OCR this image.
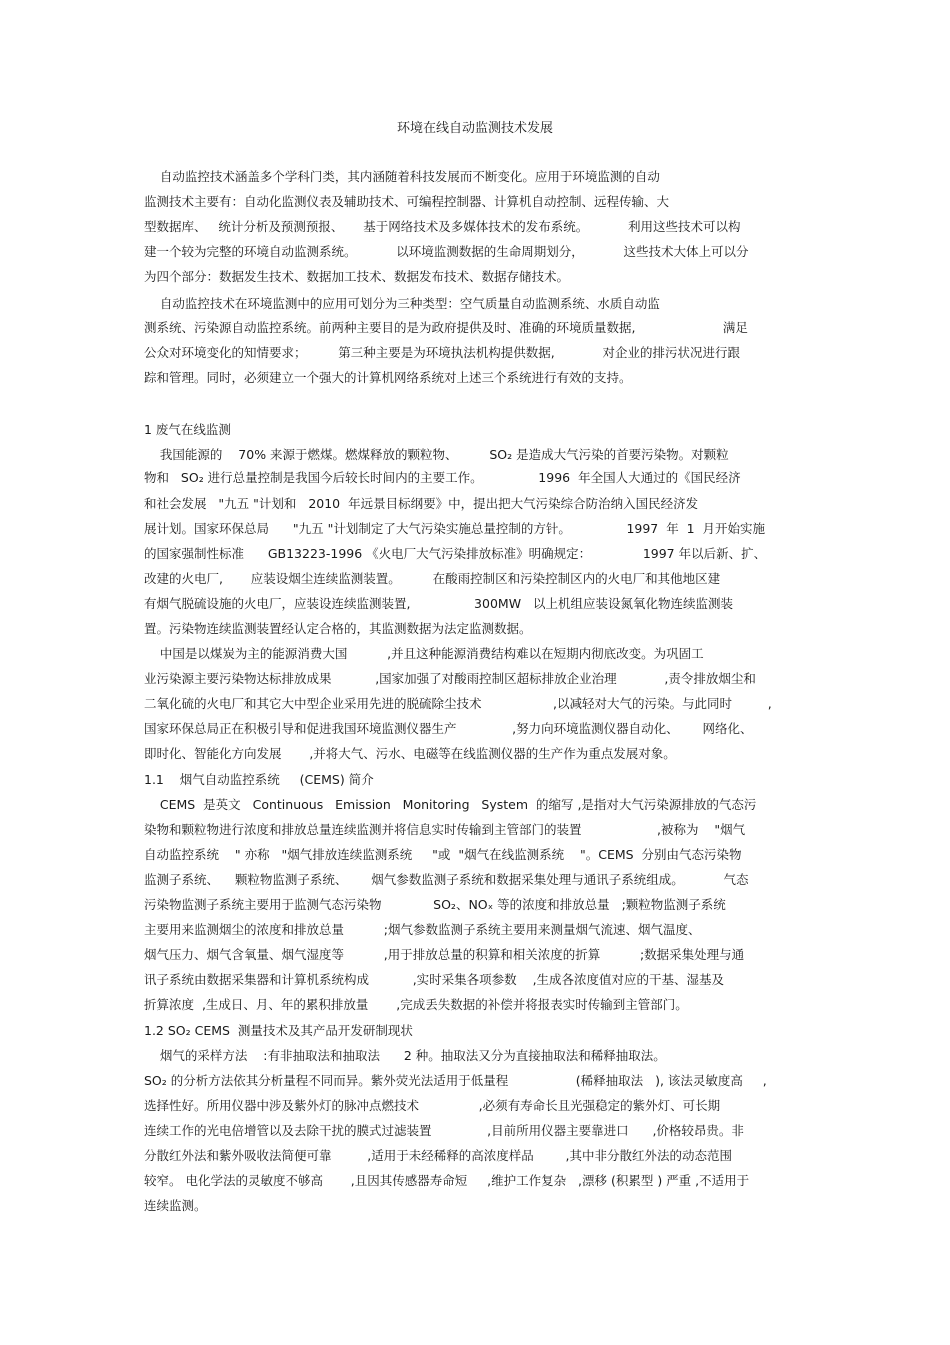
环境在线自动监测技术发展
自动监控技术涵盖多个学科门类，其内涵随着科技发展而不断变化。应用于环境监测的自动
监测技术主要有：自动化监测仪表及辅助技术、可编程控制器、计算机自动控制、远程传输、大
型数据库、   统计分析及预测预报、     基于网络技术及多媒体技术的发布系统。          利用这些技术可以构
建一个较为完整的环境自动监测系统。          以环境监测数据的生命周期划分，          这些技术大体上可以分
为四个部分：数据发生技术、数据加工技术、数据发布技术、数据存储技术。
自动监控技术在环境监测中的应用可划分为三种类型：空气质量自动监测系统、水质自动监
测系统、污染源自动监控系统。前两种主要目的是为政府提供及时、准确的环境质量数据,                      满足
公众对环境变化的知情要求；        第三种主要是为环境执法机构提供数据,            对企业的排污状况进行跟
踪和管理。同时，必须建立一个强大的计算机网络系统对上述三个系统进行有效的支持。
1 废气在线监测
我国能源的    70% 来源于燃煤。燃煤释放的颗粒物、        SO₂ 是造成大气污染的首要污染物。对颗粒
物和   SO₂ 进行总量控制是我国今后较长时间内的主要工作。              1996  年全国人大通过的《国民经济
和社会发展   "九五 "计划和   2010  年远景目标纲要》中，提出把大气污染综合防治纳入国民经济发
展计划。国家环保总局      "九五 "计划制定了大气污染实施总量控制的方针。              1997  年  1  月开始实施
的国家强制性标准      GB13223-1996 《火电厂大气污染排放标准》明确规定：             1997 年以后新、扩、
改建的火电厂,       应装设烟尘连续监测装置。        在酸雨控制区和污染控制区内的火电厂和其他地区建
有烟气脱硫设施的火电厂，应装设连续监测装置,                300MW   以上机组应装设氮氧化物连续监测装
置。污染物连续监测装置经认定合格的，其监测数据为法定监测数据。
中国是以煤炭为主的能源消费大国          ,并且这种能源消费结构难以在短期内彻底改变。为巩固工
业污染源主要污染物达标排放成果           ,国家加强了对酸雨控制区超标排放企业治理            ,责令排放烟尘和
二氧化硫的火电厂和其它大中型企业采用先进的脱硫除尘技术                  ,以减轻对大气的污染。与此同时         ,
国家环保总局正在积极引导和促进我国环境监测仪器生产              ,努力向环境监测仪器自动化、      网络化、
即时化、智能化方向发展       ,并将大气、污水、电磁等在线监测仪器的生产作为重点发展对象。
1.1    烟气自动监控系统     (CEMS) 简介
CEMS  是英文   Continuous   Emission   Monitoring   System  的缩写 ,是指对大气污染源排放的气态污
染物和颗粒物进行浓度和排放总量连续监测并将信息实时传输到主管部门的装置                   ,被称为    "烟气
自动监控系统    " 亦称   "烟气排放连续监测系统     "或  "烟气在线监测系统    "。CEMS  分别由气态污染物
监测子系统、    颗粒物监测子系统、      烟气参数监测子系统和数据采集处理与通讯子系统组成。          气态
污染物监测子系统主要用于监测气态污染物             SO₂、NOₓ 等的浓度和排放总量   ;颗粒物监测子系统
主要用来监测烟尘的浓度和排放总量          ;烟气参数监测子系统主要用来测量烟气流速、烟气温度、
烟气压力、烟气含氧量、烟气湿度等          ,用于排放总量的积算和相关浓度的折算          ;数据采集处理与通
讯子系统由数据采集器和计算机系统构成           ,实时采集各项参数    ,生成各浓度值对应的干基、湿基及
折算浓度  ,生成日、月、年的累积排放量       ,完成丢失数据的补偿并将报表实时传输到主管部门。
1.2 SO₂ CEMS  测量技术及其产品开发研制现状
烟气的采样方法    :有非抽取法和抽取法      2 种。抽取法又分为直接抽取法和稀释抽取法。
SO₂ 的分析方法依其分析量程不同而异。紫外荧光法适用于低量程                 (稀释抽取法   ), 该法灵敏度高     ,
选择性好。所用仪器中涉及紫外灯的脉冲点燃技术               ,必须有寿命长且光强稳定的紫外灯、可长期
连续工作的光电倍增管以及去除干扰的膜式过滤装置              ,目前所用仪器主要靠进口      ,价格较昂贵。非
分散红外法和紫外吸收法简便可靠         ,适用于未经稀释的高浓度样品        ,其中非分散红外法的动态范围
较窄。 电化学法的灵敏度不够高       ,且因其传感器寿命短     ,维护工作复杂   ,漂移 (积累型 ) 严重 ,不适用于
连续监测。
